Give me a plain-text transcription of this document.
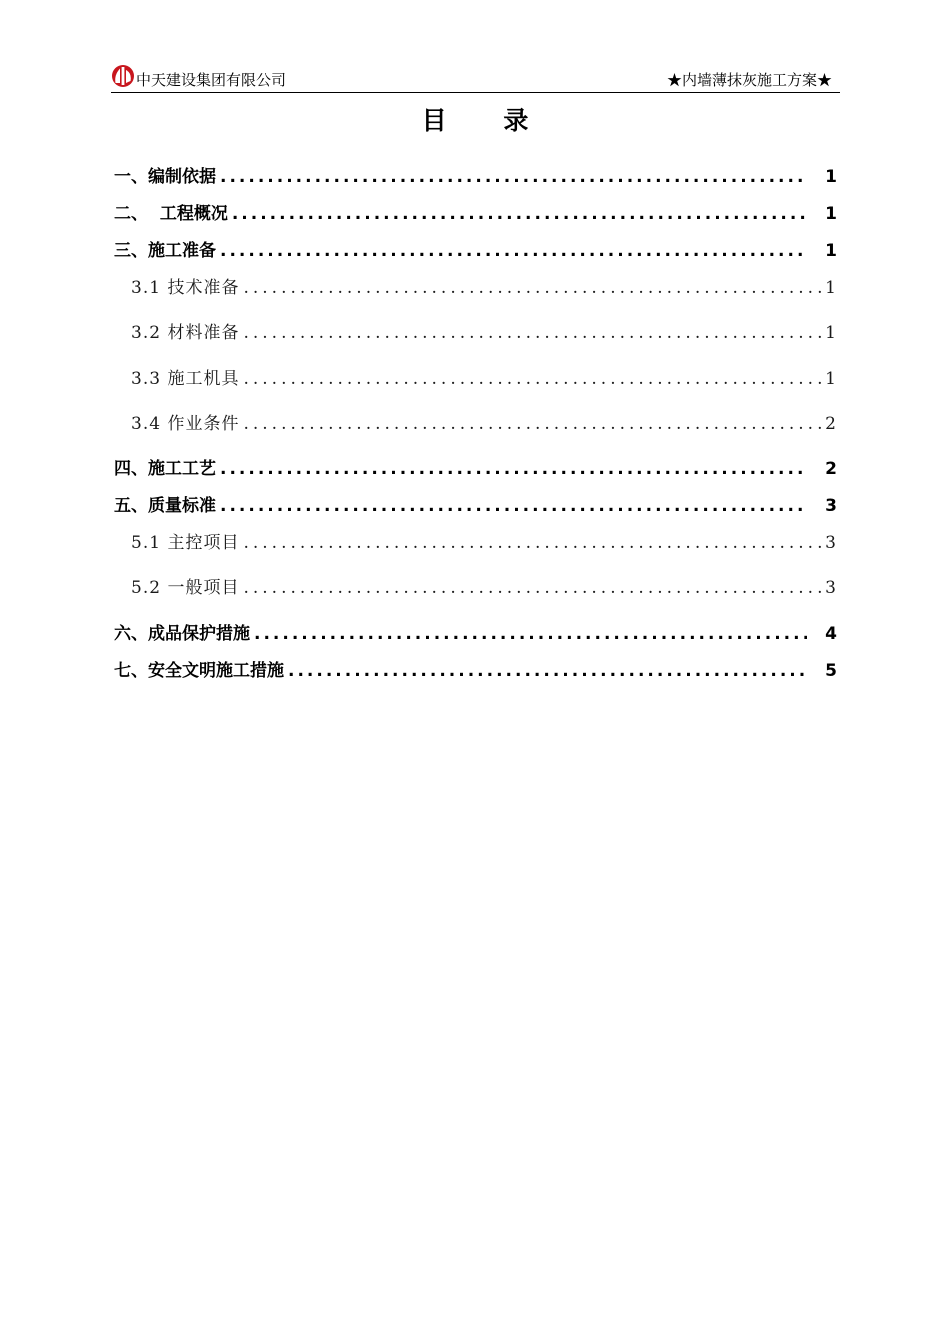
中天建设集团有限公司	★内墙薄抹灰施工方案★
目 录
一、编制依据 .....	1
二、  工程概况 .....	1
三、施工准备 .....	1
3.1 技术准备 .....	1
3.2 材料准备 .....	1
3.3 施工机具 .....	1
3.4 作业条件 .....	2
四、施工工艺 .....	2
五、质量标准 .....	3
5.1 主控项目 .....	3
5.2 一般项目 .....	3
六、成品保护措施 .....	4
七、安全文明施工措施 .....	5
